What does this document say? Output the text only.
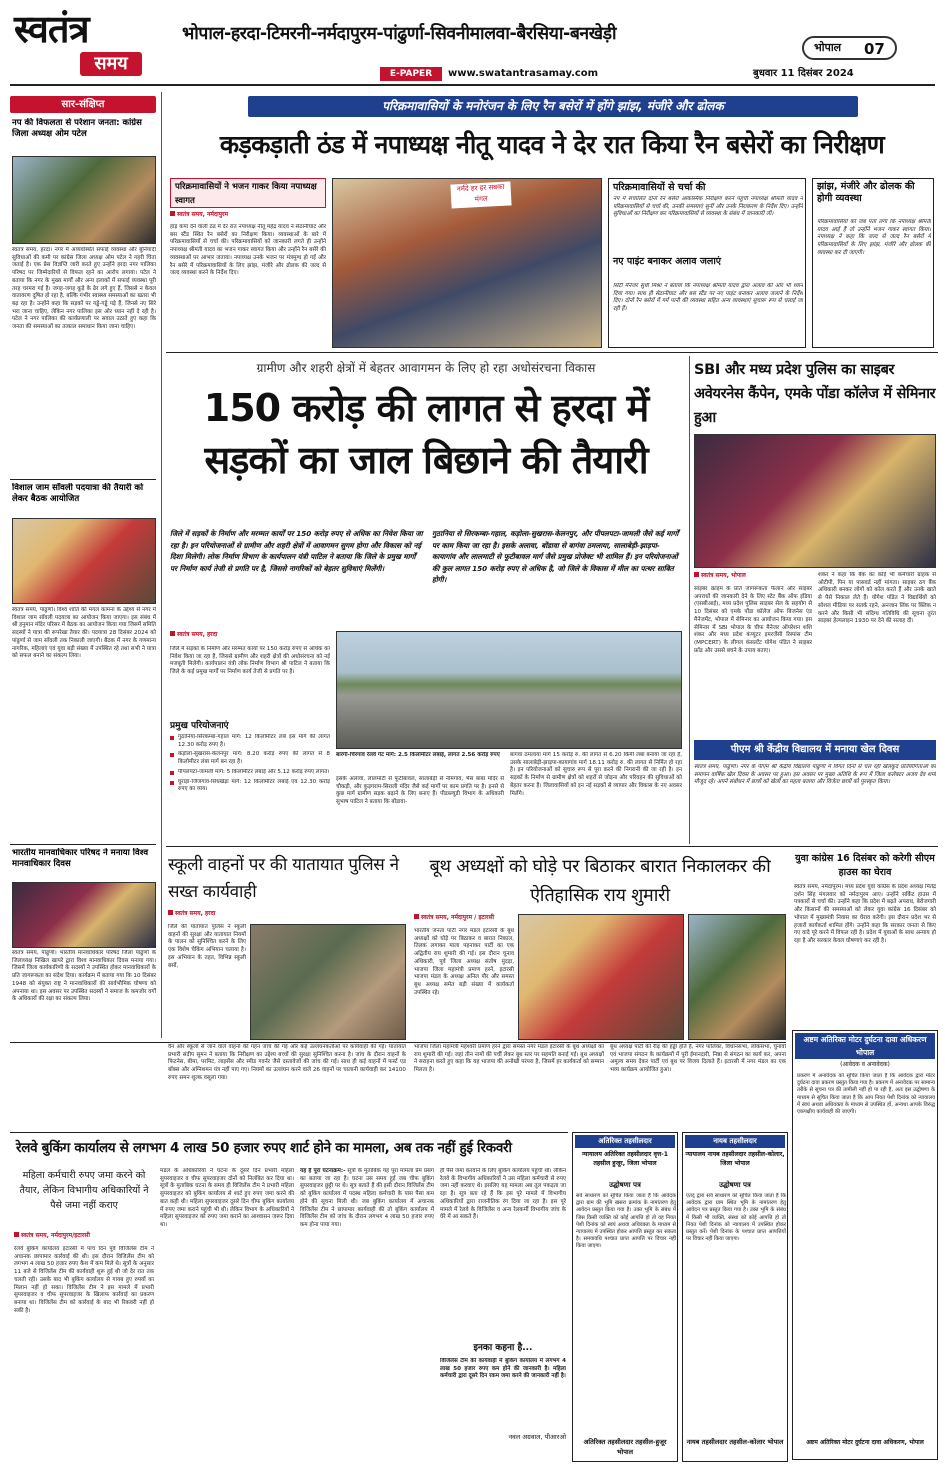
स्वतंत्र
समय
भोपाल-हरदा-टिमरनी-नर्मदापुरम-पांढुर्णा-सिवनीमालवा-बैरसिया-बनखेड़ी
भोपाल 07
E-PAPER	www.swatantrasamay.com	बुधवार 11 दिसंबर 2024
सार-संक्षिप्त
नप की विफलता से परेशान जनता: कांग्रेस जिला अध्यक्ष ओम पटेल
स्वतंत्र समय, हरदा। नगर में अव्यवस्थित सफाई व्यवस्था और बुनियादी सुविधाओं की कमी पर कांग्रेस जिला अध्यक्ष ओम पटेल ने गहरी चिंता जताई है। एक प्रेस विज्ञप्ति जारी करते हुए उन्होंने हरदा नगर पालिका परिषद पर जिम्मेदारियों से विफल रहने का आरोप लगाया। पटेल ने बताया कि नगर के मुख्य मार्गों और अन्य इलाकों में सफाई व्यवस्था पूरी तरह चरमरा गई है। जगह-जगह कूड़े के ढेर लगे हुए हैं, जिससे न केवल वातावरण दूषित हो रहा है, बल्कि गंभीर स्वास्थ्य समस्याओं का खतरा भी बढ़ रहा है। उन्होंने कहा कि सड़कों पर गड्ढे-गड्ढे पड़े हैं, जिनसे नए सिरे भरा जाना चाहिए, लेकिन नगर पालिका इस ओर ध्यान नहीं दे रही है। पटेल ने नगर पालिका की कार्यप्रणाली पर सवाल उठाते हुए कहा कि जनता की समस्याओं का तत्काल समाधान किया जाना चाहिए।
विशाल जाम साँवली पदयात्रा की तैयारी को लेकर बैठक आयोजित
स्वतंत्र समय, पांढुर्णा। विश्व शांति की मंगल कामना के उद्देश्य से नगर में विशाल जाम साँवली पदयात्रा का आयोजन किया जाएगा। इस संबंध में श्री हनुमान मंदिर परिसर में बैठक का आयोजन किया गया जिसमें समिति सदस्यों ने यात्रा की रूपरेखा तैयार की। पदयात्रा 28 दिसंबर 2024 को पांढुर्णा से जाम साँवली तक निकाली जाएगी। बैठक में नगर के गणमान्य नागरिक, महिलाएं एवं युवा बड़ी संख्या में उपस्थित रहे तथा सभी ने यात्रा को सफल बनाने का संकल्प लिया।
भारतीय मानवाधिकार परिषद ने मनाया विश्व मानवाधिकार दिवस
स्वतंत्र समय, पांढुर्णा। भारतीय मानवाधिकार परिषद जिला पांढुर्णा के जिलाध्यक्ष निखिल खापरे द्वारा विश्व मानवाधिकार दिवस मनाया गया। जिसमें जिला कार्यकारिणी के सदस्यों ने उपस्थित होकर मानवाधिकारों के प्रति जागरूकता का संदेश दिया। कार्यक्रम में बताया गया कि 10 दिसंबर 1948 को संयुक्त राष्ट्र ने मानवाधिकारों की सार्वभौमिक घोषणा को अपनाया था। इस अवसर पर उपस्थित सदस्यों ने समाज के कमजोर वर्गों के अधिकारों की रक्षा का संकल्प लिया।
परिक्रमावासियों के मनोरंजन के लिए रैन बसेरों में होंगे झांझ, मंजीरे और ढोलक
कड़कड़ाती ठंड में नपाध्यक्ष नीतू यादव ने देर रात किया रैन बसेरों का निरीक्षण
परिक्रमावासियों ने भजन गाकर किया नपाध्यक्ष स्वागत
स्वतंत्र समय, नर्मदापुरम
हाड़ कंपा देने वाली ठंड में देर रात नपाध्यक्ष नीतू महेंद्र यादव ने सेठानीघाट और बस स्टैंड स्थित रैन बसेरों का निरीक्षण किया। व्यवस्थाओं के बारे में परिक्रमावासियों से चर्चा की। परिक्रमावासियों को जानकारी लगते ही उन्होंने नपाध्यक्ष श्रीमती यादव का भजन गाकर स्वागत किया और उन्होंने रैन बसेरे की व्यवस्थाओं पर आभार जताया। नपाध्यक्ष उनके भजन पर मंत्रमुग्ध हो गईं और रैन बसेरे में परिक्रमावासियों के लिए झांझ, मंजीरे और ढोलक की जल्द से जल्द व्यवस्था करने के निर्देश दिए।
नर्मदे हर हर सबका मंगल
परिक्रमावासियों से चर्चा की
नप में संचालित दोनों रैन बसेरों आकस्मिक निरीक्षण करने पहुंचीं नपाध्यक्ष श्रीमती यादव ने परिक्रमावासियों से चर्चा की, उनकी समस्याएं सुनीं और उनके निराकरण के निर्देश दिए। उन्होंने सुविधाओं का निरीक्षण कर परिक्रमावासियों से व्यवस्था के संबंध में जानकारी ली।
नए पाइंट बनाकर अलाव जलाएं
सिटी मैनेजर सुधी मिश्रा ने बताया कि नपाध्यक्ष श्रीमती यादव द्वारा अलाव की ओर भी ध्यान दिया गया। साथ ही सेठानीघाट और बस स्टैंड पर नए पाइंट बनाकर अलाव जलाने के निर्देश दिए। दोनों रैन बसेरों में गर्म पानी की व्यवस्था सहित अन्य व्यवस्थाएं सुचारू रूप से चलाई जा रही हैं।
झांझ, मंजीरे और ढोलक की होगी व्यवस्था
परिक्रमावासियों को जब पता लगा कि नपाध्यक्ष श्रीमती यादव आई हैं तो उन्होंने भजन गाकर स्वागत किया। नपाध्यक्ष ने कहा कि जल्द से जल्द रैन बसेरों में परिक्रमावासियों के लिए झांझ, मंजीरे और ढोलक की व्यवस्था कर दी जाएगी।
ग्रामीण और शहरी क्षेत्रों में बेहतर आवागमन के लिए हो रहा अधोसंरचना विकास
150 करोड़ की लागत से हरदा में सड़कों का जाल बिछाने की तैयारी
जिले में सड़कों के निर्माण और मरम्मत कार्यों पर 150 करोड़ रुपए से अधिक का निवेश किया जा रहा है। इन परियोजनाओं से ग्रामीण और शहरी क्षेत्रों में आवागमन सुगम होगा और विकास को नई दिशा मिलेगी। लोक निर्माण विभाग के कार्यपालन यंत्री पाटिल ने बताया कि जिले के प्रमुख मार्गों पर निर्माण कार्य तेजी से प्रगति पर है, जिससे नागरिकों को बेहतर सुविधाएं मिलेंगी।
गुठानिया से सिरकम्बा-गहाल, कड़ोला-सुखरास-केलनपुर, और पीपलपटा-जामली जैसे कई मार्गों पर काम किया जा रहा है। इसके अलावा, बोंडावा से बागंवा ठमलाया, सालाबेड़ी-झाड़पा-कायागांव और लालमाटी से फूटीबावल मार्ग जैसे प्रमुख प्रोजेक्ट भी शामिल हैं। इन परियोजनाओं की कुल लागत 150 करोड़ रुपए से अधिक है, जो जिले के विकास में मील का पत्थर साबित होगी।
स्वतंत्र समय, हरदा
जिले में सड़कों के निर्माण और मरम्मत कार्यों पर 150 करोड़ रुपए से अधिक का निवेश किया जा रहा है, जिससे ग्रामीण और शहरी क्षेत्रों की अधोसंरचना को नई मजबूती मिलेगी। कार्यपालन यंत्री लोक निर्माण विभाग श्री पाटिल ने बताया कि जिले के कई प्रमुख मार्गों पर निर्माण कार्य तेजी से प्रगति पर है।
प्रमुख परियोजनाएं
गुठानिया-सिरकम्बा-गहाल मार्ग: 12 किलोमीटर लंबे इस मार्ग की लागत 12.30 करोड़ रुपए है।
कड़ोला-सुखरास-केलनपुर मार्ग: 8.20 करोड़ रुपए की लागत से 8 किलोमीटर लंबा मार्ग बन रहा है।
पीपलपटा-जामली मार्ग: 5 किलोमीटर लंबाई और 5.12 करोड़ रुपए लागत।
घुराड़ा-जिजगांव-सिंधखेड़ा मार्ग: 12 किलोमीटर लंबाई एवं 12.30 करोड़ रुपए का व्यय।
बारंगी-चिरगांव रेलवे गेट मार्ग: 2.5 किलोमीटर लंबाई, लागत 2.56 करोड़ रुपए
इसके अलावा, लालमाटी से फूटीबावल, सालाबेड़ी से नीमगांव, भैंस बाबा मंदिर से चौकड़ी, और कुड़गराम-सिराली मंदिर जैसे कई मार्गों पर काम प्रगति पर है। इनसे से कुछ मार्ग ग्रामीण सड़क बढ़ाने के लिए बनाए हैं। पीडब्ल्यूडी विभाग के अधिकारी सुभाष पाटिल ने बताया कि बोंडावा-
बागंवा ठमलाया मार्ग 15 करोड़ रु. की लागत से 6.20 किमी लंबा बनाया जा रहा है, उसके सालाबेड़ी-झाड़पा-कायागांव मार्ग 18.11 करोड़ रु. की लागत से निर्मित हो रहा है। इन परियोजनाओं को सुचारु रूप से पूरा करने की निगरानी की जा रही है। इन सड़कों के निर्माण से ग्रामीण क्षेत्रों को शहरों से जोड़ना और परिवहन की सुविधाओं को बेहतर करना है। जिलावासियों को इन नई सड़कों से व्यापार और विकास के नए अवसर मिलेंगे।
SBI और मध्य प्रदेश पुलिस का साइबर अवेयरनेस कैंपेन, एमके पोंडा कॉलेज में सेमिनार हुआ
स्वतंत्र समय, भोपाल
साइबर क्राइम के प्रति जागरूकता फैलाने और साइबर अपराधों की जानकारी देने के लिए स्टेट बैंक ऑफ इंडिया (एसबीआई), मध्य प्रदेश पुलिस साइबर सेल के सहयोग से 10 दिसंबर को एमके पोंडा कॉलेज ऑफ बिजनेस एंड मैनेजमेंट, भोपाल में सेमिनार का आयोजन किया गया। इस सेमिनार में SBI भोपाल के चीफ मैनेजर ऑपरेशन शशि शंकर और मध्य प्रदेश कंप्यूटर इमरजेंसी रिस्पांस टीम (MPCERT) के लीगल कंसल्टेंट योगेश पंडित ने साइबर फ्रॉड और उससे बचने के उपाय बताए।
शंकर ने कहा कि बैंक का कोई भी कर्मचारी ग्राहक से ओटीपी, पिन या पासवर्ड नहीं मांगता। साइबर ठग बैंक अधिकारी बनकर लोगों को कॉल करते हैं और उनके खाते से पैसे निकाल लेते हैं। योगेश पंडित ने विद्यार्थियों को सोशल मीडिया पर सतर्क रहने, अनजान लिंक पर क्लिक न करने और किसी भी संदिग्ध गतिविधि की सूचना तुरंत साइबर हेल्पलाइन 1930 पर देने की सलाह दी।
पीएम श्री केंद्रीय विद्यालय में मनाया खेल दिवस
स्वतंत्र समय, पांढुर्णा। नगर के पीएम श्री केंद्रीय विद्यालय पांढुर्णा में विगत दिनों से चल रही खेलकूद प्रतियोगिताओं का समापन वार्षिक खेल दिवस के अवसर पर हुआ। इस अवसर पर मुख्य अतिथि के रूप में जिला कलेक्टर अजय देव शर्मा मौजूद रहे। अपने संबोधन में छात्रों को खेलों का महत्व बताया और विजेता छात्रों को पुरस्कृत किया।
स्कूली वाहनों पर की यातायात पुलिस ने सख्त कार्यवाही
स्वतंत्र समय, हरदा
जिले की यातायात पुलिस ने स्कूली वाहनों की सुरक्षा और यातायात नियमों के पालन को सुनिश्चित करने के लिए एक विशेष चेकिंग अभियान चलाया है। इस अभियान के तहत, विभिन्न स्कूली बसों,
बूथ अध्यक्षों को घोड़े पर बिठाकर बारात निकालकर की ऐतिहासिक राय शुमारी
स्वतंत्र समय, नर्मदापुरम / इटारसी
भारतीय जनता पार्टी नगर मंडल इटारसी के बूथ अध्यक्षों को घोड़े पर बिठाकर व बारात निकाल, तिलक लगाकर माला पहनाकर पार्टी का एक अद्वितीय राय शुमारी की गई। इस दौरान चुनाव अधिकारी, पूर्व जिला अध्यक्ष संतोष मुंदड़ा, भाजपा जिला महामंत्री प्रमाण हरने, इटारसी भाजपा मंडल के अध्यक्ष अनिल पौर और समस्त बूथ अध्यक्ष समेत बड़ी संख्या में कार्यकर्ता उपस्थित रहे।
युवा कांग्रेस 16 दिसंबर को करेगी सीएम हाउस का घेराव
स्वतंत्र समय, नर्मदापुरम। मध्य प्रदेश युवा कांग्रेस के प्रदेश अध्यक्ष मितेंद्र दर्शन सिंह मंगलवार को नर्मदापुरम आए। उन्होंने सर्किट हाउस में पत्रकारों से चर्चा की। उन्होंने कहा कि प्रदेश में बढ़ते अपराध, बेरोजगारी और किसानों की समस्याओं को लेकर युवा कांग्रेस 16 दिसंबर को भोपाल में मुख्यमंत्री निवास का घेराव करेगी। इस दौरान प्रदेश भर से हजारों कार्यकर्ता शामिल होंगे। उन्होंने कहा कि सरकार जनता से किए गए वादे पूरे करने में विफल रही है। प्रदेश में युवाओं के साथ अन्याय हो रहा है और सरकार केवल घोषणाएं कर रही है।
वैन और स्कूलों से जाने वाले वाहनों की गहन जांच की गई और कई उल्लंघनकर्ताओं पर कार्यवाही की गई। यातायात प्रभारी संदीप सुमन ने बताया कि निरीक्षण का उद्देश्य बच्चों की सुरक्षा सुनिश्चित करना है। जांच के दौरान वाहनों के फिटनेस, बीमा, परमिट, लाइसेंस और स्पीड गवर्नर जैसे दस्तावेजों की जांच की गई। साथ ही कई वाहनों में फर्स्ट एड बॉक्स और अग्निशमन यंत्र नहीं पाए गए। नियमों का उल्लंघन करने वाले 26 वाहनों पर चालानी कार्यवाही कर 14100 रुपए समन शुल्क वसूला गया।
अष्टम अतिरिक्त मोटर दुर्घटना दावा अधिकरण भोपाल
(आवेदक व अनावेदक)
प्रकरण में अनावेदक को सूचित किया जाता है कि आवेदक द्वारा मोटर दुर्घटना दावा प्रकरण प्रस्तुत किया गया है। प्रकरण में अनावेदक पर सामान्य तरीके से सूचना पत्र की तामीली नहीं हो पा रही है, अतः इस उद्घोषणा के माध्यम से सूचित किया जाता है कि आप नियत पेशी दिनांक को न्यायालय में स्वयं अथवा अधिवक्ता के माध्यम से उपस्थित हों, अन्यथा आपके विरुद्ध एकपक्षीय कार्यवाही की जाएगी।
अष्टम अतिरिक्त मोटर दुर्घटना दावा अधिकरण, भोपाल
रेलवे बुकिंग कार्यालय से लगभग 4 लाख 50 हजार रुपए शार्ट होने का मामला, अब तक नहीं हुई रिकवरी
महिला कर्मचारी रुपए जमा करने को तैयार, लेकिन विभागीय अधिकारियों ने पैसे जमा नहीं कराए
स्वतंत्र समय, नर्मदापुरम/इटारसी
रेलवे बुकिंग कार्यालय इटारसी में पांच दिन पूर्व विजिलेंस टीम ने अचानक छापामार कार्रवाई की थी। इस दौरान विजिलेंस टीम को लगभग 4 लाख 50 हजार रुपए कैश में कम मिले थे। सूत्रों के अनुसार 11 बजे से विजिलेंस टीम की कार्यवाही शुरू हुई थी जो देर रात तक चलती रही। उसके बाद भी बुकिंग कार्यालय से गायब हुए रुपयों का मिलान नहीं हो सका। विजिलेंस टीम ने इस मामले में प्रभारी सुपरवाइजर व चीफ सुपरवाइजर के खिलाफ कार्रवाई का प्रकरण बनाया था। विजिलेंस टीम को कार्रवाई के बाद भी रिकवरी नहीं हो सकी है।
मंडल के अधिकारियों ने घटना के दूसरे दिन प्रभारी महिला सुपरवाइजर व चीफ सुपरवाइजर दोनों को निलंबित कर दिया था। सूत्रों के मुताबिक घटना के समय ही विजिलेंस टीम ने प्रभारी महिला सुपरवाइजर को बुकिंग कार्यालय से शार्ट हुए रुपए जमा करने की बात कही थी। महिला सुपरवाइजर दूसरे दिन चीफ बुकिंग कार्यालय में रुपए जमा कराने पहुंची भी थी। लेकिन विभाग के अधिकारियों ने महिला सुपरवाइजर को रुपए जमा कराने का आश्वासन जरूर दिया था।
यह है पूरा घटनाक्रम:- सूत्रों के मुताबिक यह पूरा मामला प्रेम प्रसंग का बताया जा रहा है। घटना उस समय हुई जब चीफ बुकिंग सुपरवाइजर छुट्टी पर थे। सूत्र बताते हैं की इसी दौरान विजिलेंस टीम को बुकिंग कार्यालय में पदस्थ महिला कर्मचारी के पास पैसा कम होने की सूचना मिली थी। जब बुकिंग कार्यालय में अचानक विजिलेंस टीम ने छापामार कार्यवाही की तो बुकिंग कार्यालय में विजिलेंस टीम को जांच के दौरान लगभग 4 लाख 50 हजार रुपए कम होना पाया गया।
ही पैसे जमा करवाने के लिए बुकिंग कार्यालय पहुंची थी। लेकिन रेलवे के विभागीय अधिकारियों ने उस महिला कर्मचारी से रुपए जमा नहीं करवाए थे। इसलिए यह मामला अब तूल पकड़ता जा रहा है। सूत्र बता रहे हैं कि इस पूरे मामले में विभागीय अधिकारियों द्वारा राजनीतिक रंग दिया जा रहा है। इस पूरे मामले में रेलवे के विजिलेंस व अन्य रेलकर्मी विभागीय जांच के घेरे में आ सकते हैं।
इनका कहना है...
विजिलेंस टीम की कार्यवाही में बुकिंग कार्यालय में लगभग 4 लाख 50 हजार रुपए कम होने की जानकारी है। महिला कर्मचारी द्वारा दूसरे दिन रकम जमा करने की जानकारी नहीं है।
नवल अग्रवाल, पीआरओ
अतिरिक्त तहसीलदार
न्यायालय अतिरिक्त तहसीलदार वृत्त-1 तहसील हुजूर, जिला भोपाल
उद्घोषणा पत्र
सर्व साधारण को सूचित किया जाता है कि आवेदक द्वारा ग्राम की भूमि खसरा क्रमांक के नामांतरण हेतु आवेदन प्रस्तुत किया गया है। उक्त भूमि के संबंध में जिस किसी व्यक्ति को कोई आपत्ति हो तो वह नियत पेशी दिनांक को स्वयं अथवा अधिवक्ता के माध्यम से न्यायालय में उपस्थित होकर आपत्ति प्रस्तुत कर सकता है। समयावधि पश्चात प्राप्त आपत्ति पर विचार नहीं किया जाएगा।
अतिरिक्त तहसीलदार तहसील-हुजूर भोपाल
नायब तहसीलदार
न्यायालय नायब तहसीलदार तहसील-कोलार, जिला भोपाल
उद्घोषणा पत्र
एतद् द्वारा सर्व साधारण को सूचित किया जाता है कि आवेदक द्वारा ग्राम स्थित भूमि के नामांतरण हेतु आवेदन पत्र प्रस्तुत किया गया है। उक्त भूमि के संबंध में किसी भी व्यक्ति, संस्था को कोई आपत्ति हो तो नियत पेशी दिनांक को न्यायालय में उपस्थित होकर प्रस्तुत करें। पेशी दिनांक के पश्चात प्राप्त आपत्तियों पर विचार नहीं किया जाएगा।
नायब तहसीलदार तहसील-कोलार भोपाल
भाजपा जिला महामंत्री महेश्वरी प्रमाण हरने द्वारा समस्त नगर मंडल इटारसी के बूथ अध्यक्षों का राय शुमारी की गई। जहां तीन नामों की पर्ची लेकर बूथ स्तर पर सहमति बनाई गई। बूथ अध्यक्षों ने सराहना करते हुए कहा कि यह भाजपा की अनोखी परंपरा है, जिसमें हर कार्यकर्ता को सम्मान मिलता है।
बूथ अध्यक्ष पार्टी की रीढ़ की हड्डी होते हैं, नगर पालिका, विधानसभा, लोकसभा, चुनावों एवं भाजपा संगठन के कार्यक्रमों में पूरी ईमानदारी, निष्ठा से संगठन का कार्य कर, अपना अमूल्य समय देकर पार्टी एवं बूथ पर विजय दिलाते हैं। इटारसी में नगर मंडल का एक भव्य कार्यक्रम आयोजित हुआ।
